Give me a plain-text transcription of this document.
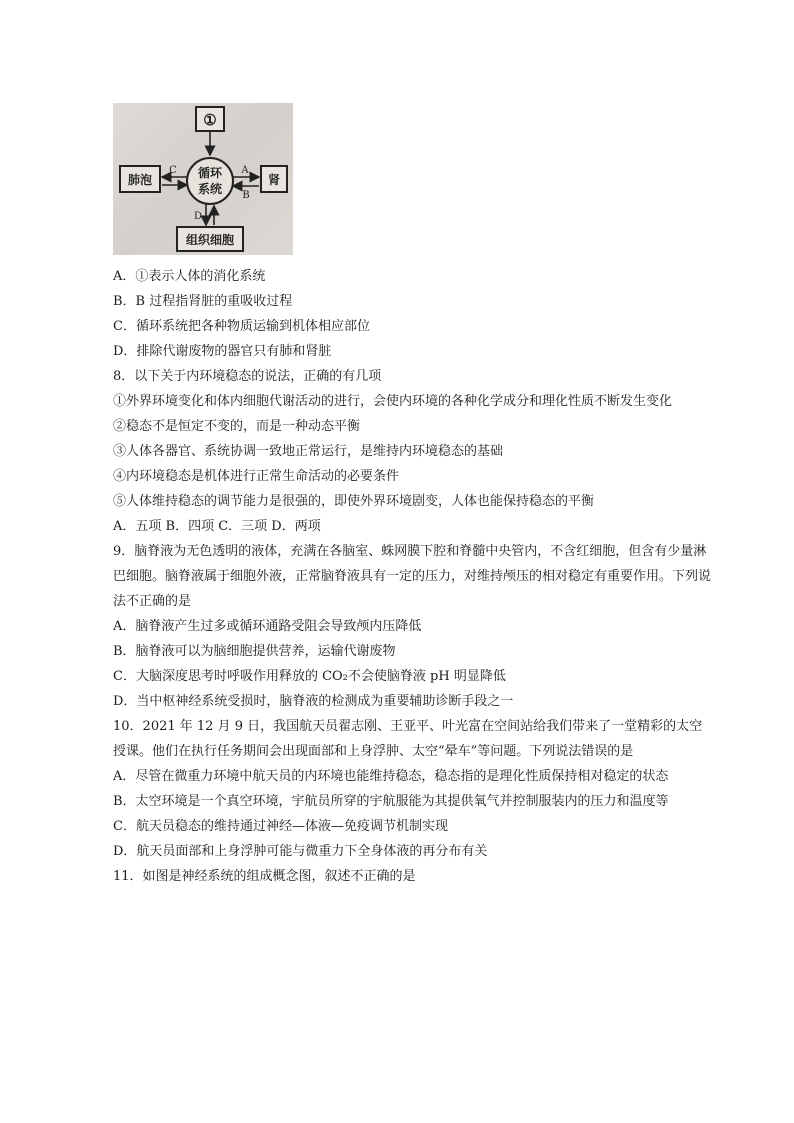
①
循环
系统
肺泡	肾
组织细胞
C	A
B
D
A．①表示人体的消化系统
B．B 过程指肾脏的重吸收过程
C．循环系统把各种物质运输到机体相应部位
D．排除代谢废物的器官只有肺和肾脏
8．以下关于内环境稳态的说法，正确的有几项
①外界环境变化和体内细胞代谢活动的进行，会使内环境的各种化学成分和理化性质不断发生变化
②稳态不是恒定不变的，而是一种动态平衡
③人体各器官、系统协调一致地正常运行，是维持内环境稳态的基础
④内环境稳态是机体进行正常生命活动的必要条件
⑤人体维持稳态的调节能力是很强的，即使外界环境剧变，人体也能保持稳态的平衡
A．五项 B．四项 C．三项 D．两项
9．脑脊液为无色透明的液体，充满在各脑室、蛛网膜下腔和脊髓中央管内，不含红细胞，但含有少量淋巴细胞。脑脊液属于细胞外液，正常脑脊液具有一定的压力，对维持颅压的相对稳定有重要作用。下列说法不正确的是
A．脑脊液产生过多或循环通路受阻会导致颅内压降低
B．脑脊液可以为脑细胞提供营养，运输代谢废物
C．大脑深度思考时呼吸作用释放的 CO₂不会使脑脊液 pH 明显降低
D．当中枢神经系统受损时，脑脊液的检测成为重要辅助诊断手段之一
10．2021 年 12 月 9 日，我国航天员翟志刚、王亚平、叶光富在空间站给我们带来了一堂精彩的太空授课。他们在执行任务期间会出现面部和上身浮肿、太空“晕车”等问题。下列说法错误的是
A．尽管在微重力环境中航天员的内环境也能维持稳态，稳态指的是理化性质保持相对稳定的状态
B．太空环境是一个真空环境，宇航员所穿的宇航服能为其提供氧气并控制服装内的压力和温度等
C．航天员稳态的维持通过神经—体液—免疫调节机制实现
D．航天员面部和上身浮肿可能与微重力下全身体液的再分布有关
11．如图是神经系统的组成概念图，叙述不正确的是
